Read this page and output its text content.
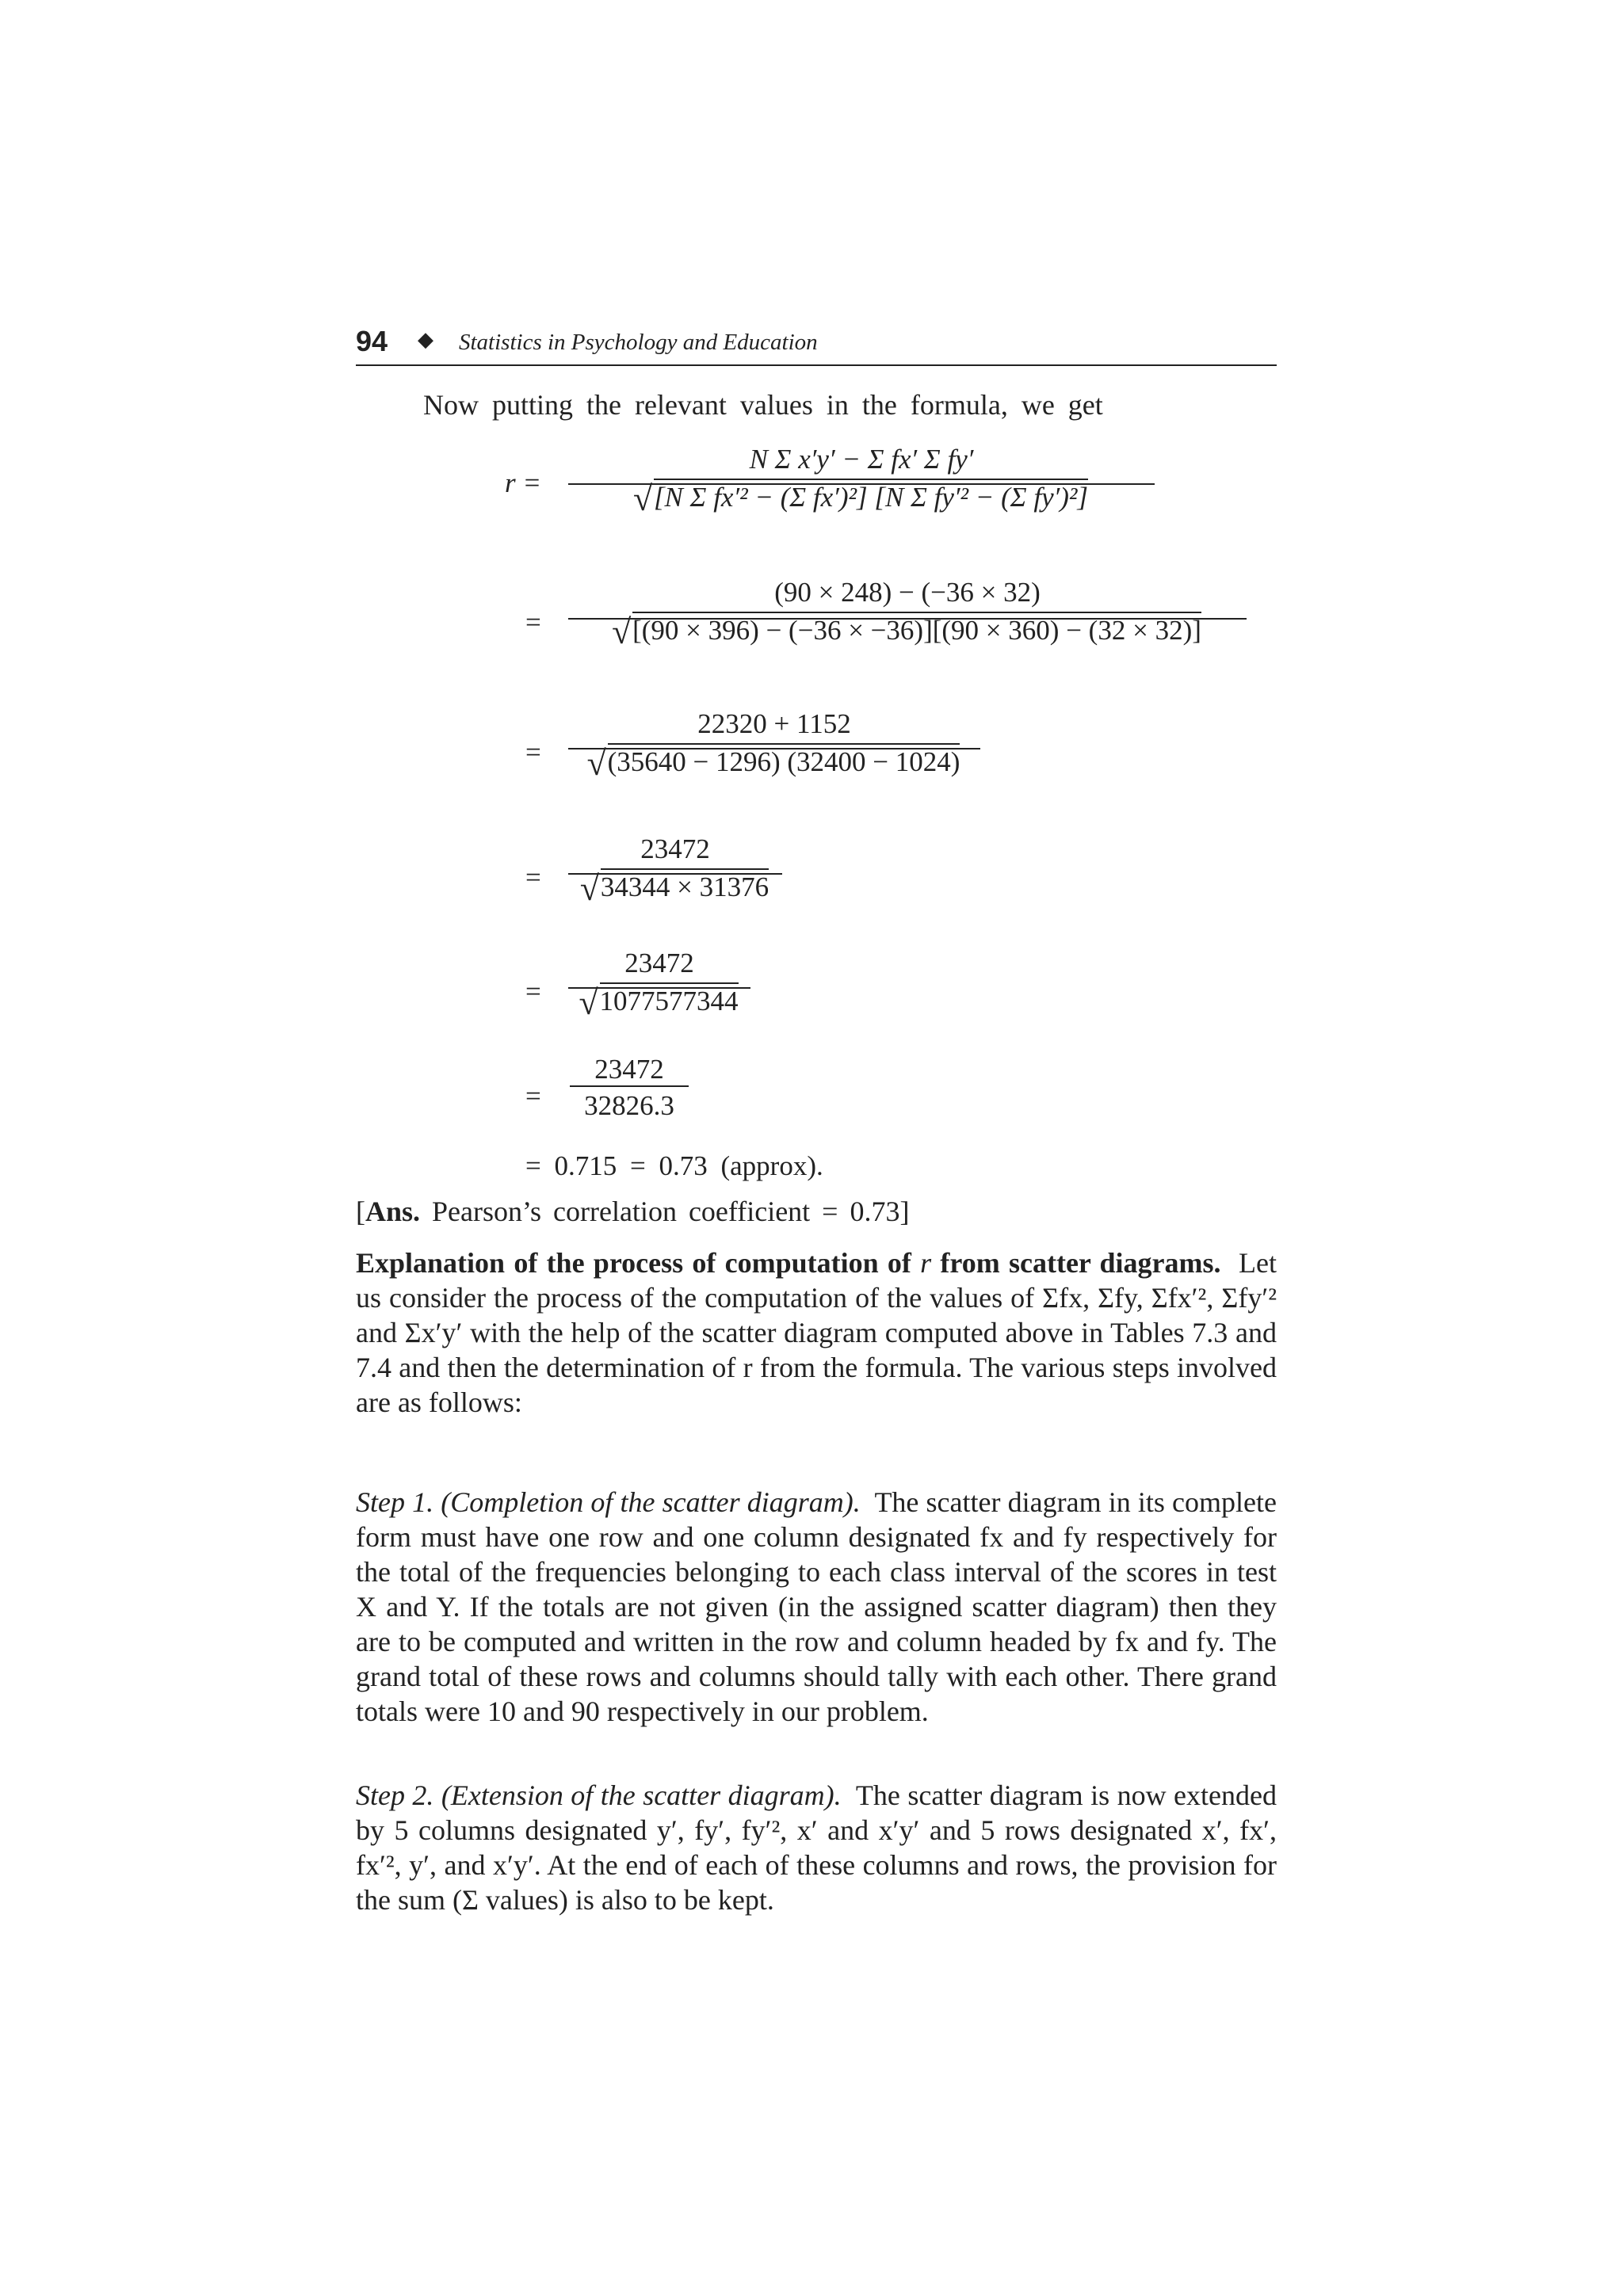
94 ◆ Statistics in Psychology and Education
Now putting the relevant values in the formula, we get
r =
N Σ x′y′ − Σ fx′ Σ fy′
√ [N Σ fx′² − (Σ fx′)²] [N Σ fy′² − (Σ fy′)²]
=
(90 × 248) − (−36 × 32)
√ [(90 × 396) − (−36 × −36)][(90 × 360) − (32 × 32)]
=
22320 + 1152
√ (35640 − 1296) (32400 − 1024)
=
23472
√ 34344 × 31376
=
23472
√ 1077577344
= $\frac{23472}{32826.3}$
= 0.715 = 0.73 (approx).
[Ans. Pearson’s correlation coefficient = 0.73]
Explanation of the process of computation of r from scatter diagrams. Let us consider the process of the computation of the values of Σfx, Σfy, Σfx′², Σfy′² and Σx′y′ with the help of the scatter diagram computed above in Tables 7.3 and 7.4 and then the determination of r from the formula. The various steps involved are as follows:
Step 1. (Completion of the scatter diagram). The scatter diagram in its complete form must have one row and one column designated fx and fy respectively for the total of the frequencies belonging to each class interval of the scores in test X and Y. If the totals are not given (in the assigned scatter diagram) then they are to be computed and written in the row and column headed by fx and fy. The grand total of these rows and columns should tally with each other. There grand totals were 10 and 90 respectively in our problem.
Step 2. (Extension of the scatter diagram). The scatter diagram is now extended by 5 columns designated y′, fy′, fy′², x′ and x′y′ and 5 rows designated x′, fx′, fx′², y′, and x′y′. At the end of each of these columns and rows, the provision for the sum (Σ values) is also to be kept.
